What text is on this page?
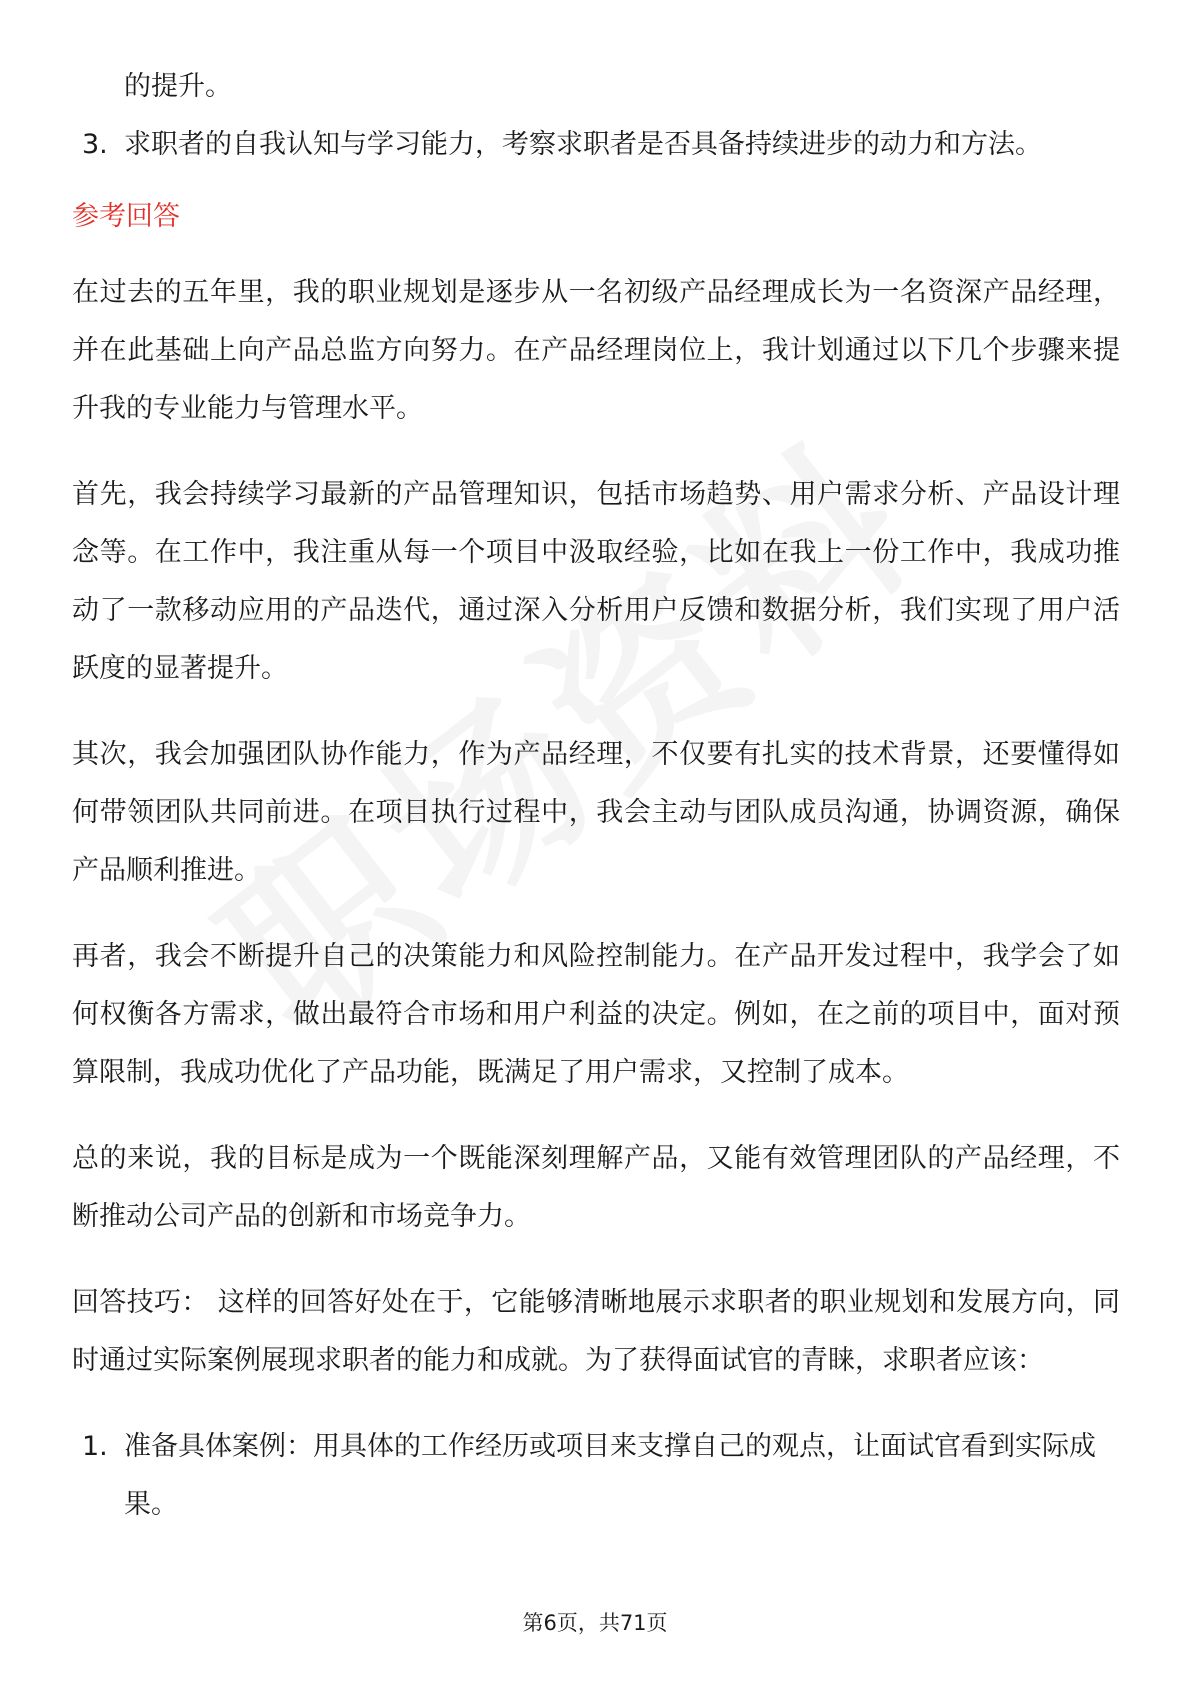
的提升。

3. 求职者的自我认知与学习能力，考察求职者是否具备持续进步的动力和方法。
参考回答

在过去的五年里，我的职业规划是逐步从一名初级产品经理成长为一名资深产品经理，并在此基础上向产品总监方向努力。在产品经理岗位上，我计划通过以下几个步骤来提升我的专业能力与管理水平。

首先，我会持续学习最新的产品管理知识，包括市场趋势、用户需求分析、产品设计理念等。在工作中，我注重从每一个项目中汲取经验，比如在我上一份工作中，我成功推动了一款移动应用的产品迭代，通过深入分析用户反馈和数据分析，我们实现了用户活跃度的显著提升。

其次，我会加强团队协作能力，作为产品经理，不仅要有扎实的技术背景，还要懂得如何带领团队共同前进。在项目执行过程中，我会主动与团队成员沟通，协调资源，确保产品顺利推进。

再者，我会不断提升自己的决策能力和风险控制能力。在产品开发过程中，我学会了如何权衡各方需求，做出最符合市场和用户利益的决定。例如，在之前的项目中，面对预算限制，我成功优化了产品功能，既满足了用户需求，又控制了成本。

总的来说，我的目标是成为一个既能深刻理解产品，又能有效管理团队的产品经理，不断推动公司产品的创新和市场竞争力。

回答技巧： 这样的回答好处在于，它能够清晰地展示求职者的职业规划和发展方向，同时通过实际案例展现求职者的能力和成就。为了获得面试官的青睐，求职者应该：

1. 准备具体案例：用具体的工作经历或项目来支撑自己的观点，让面试官看到实际成果。
第6页，共71页
